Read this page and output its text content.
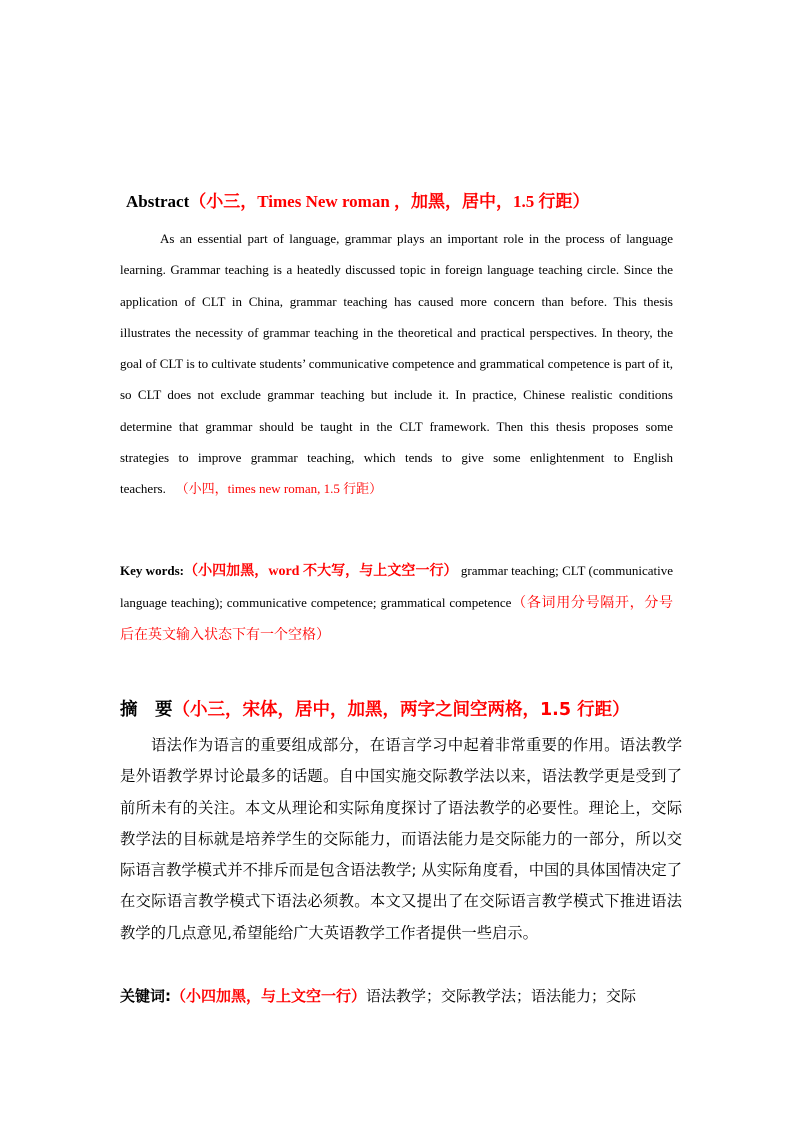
Abstract（小三，Times New roman ，加黑，居中，1.5 行距）

As an essential part of language, grammar plays an important role in the process of language learning. Grammar teaching is a heatedly discussed topic in foreign language teaching circle. Since the application of CLT in China, grammar teaching has caused more concern than before. This thesis illustrates the necessity of grammar teaching in the theoretical and practical perspectives. In theory, the goal of CLT is to cultivate students’ communicative competence and grammatical competence is part of it, so CLT does not exclude grammar teaching but include it. In practice, Chinese realistic conditions determine that grammar should be taught in the CLT framework. Then this thesis proposes some strategies to improve grammar teaching, which tends to give some enlightenment to English teachers. （小四，times new roman, 1.5 行距）

Key words:（小四加黑，word 不大写，与上文空一行） grammar teaching; CLT (communicative language teaching); communicative competence; grammatical competence（各词用分号隔开，分号后在英文输入状态下有一个空格）

摘　要（小三，宋体，居中，加黑，两字之间空两格，1.5 行距）

语法作为语言的重要组成部分，在语言学习中起着非常重要的作用。语法教学是外语教学界讨论最多的话题。自中国实施交际教学法以来，语法教学更是受到了前所未有的关注。本文从理论和实际角度探讨了语法教学的必要性。理论上，交际教学法的目标就是培养学生的交际能力，而语法能力是交际能力的一部分，所以交际语言教学模式并不排斥而是包含语法教学; 从实际角度看，中国的具体国情决定了在交际语言教学模式下语法必须教。本文又提出了在交际语言教学模式下推进语法教学的几点意见,希望能给广大英语教学工作者提供一些启示。

关键词:（小四加黑，与上文空一行）语法教学；交际教学法；语法能力；交际
